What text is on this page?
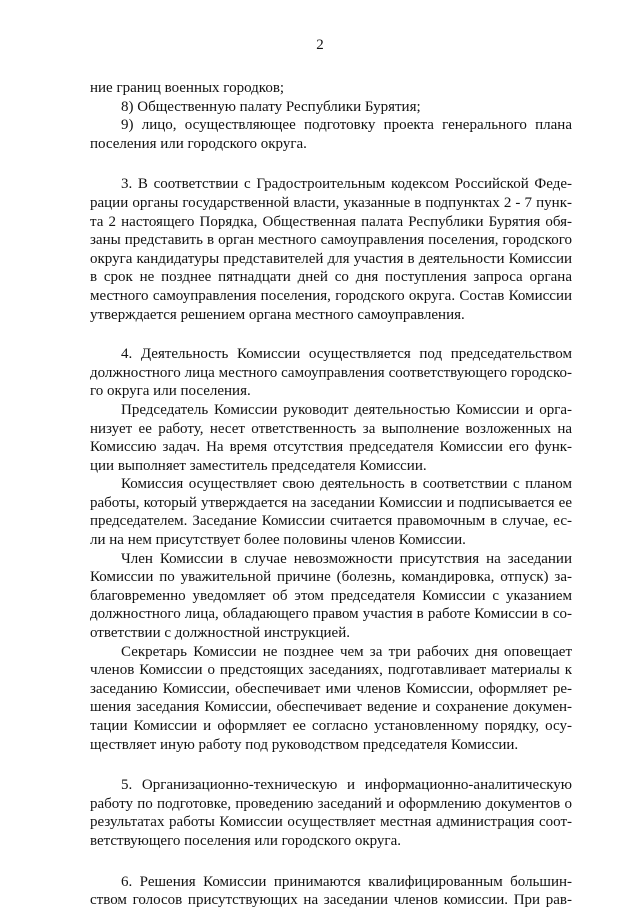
2
ние границ военных городков;
8) Общественную палату Республики Бурятия;
9) лицо, осуществляющее подготовку проекта генерального плана
поселения или городского округа.
3. В соответствии с Градостроительным кодексом Российской Феде-
рации органы государственной власти, указанные в подпунктах 2 - 7 пунк-
та 2 настоящего Порядка, Общественная палата Республики Бурятия обя-
заны представить в орган местного самоуправления поселения, городского
округа кандидатуры представителей для участия в деятельности Комиссии
в срок не позднее пятнадцати дней со дня поступления запроса органа
местного самоуправления поселения, городского округа. Состав Комиссии
утверждается решением органа местного самоуправления.
4. Деятельность Комиссии осуществляется под председательством
должностного лица местного самоуправления соответствующего городско-
го округа или поселения.
Председатель Комиссии руководит деятельностью Комиссии и орга-
низует ее работу, несет ответственность за выполнение возложенных на
Комиссию задач. На время отсутствия председателя Комиссии его функ-
ции выполняет заместитель председателя Комиссии.
Комиссия осуществляет свою деятельность в соответствии с планом
работы, который утверждается на заседании Комиссии и подписывается ее
председателем. Заседание Комиссии считается правомочным в случае, ес-
ли на нем присутствует более половины членов Комиссии.
Член Комиссии в случае невозможности присутствия на заседании
Комиссии по уважительной причине (болезнь, командировка, отпуск) за-
благовременно уведомляет об этом председателя Комиссии с указанием
должностного лица, обладающего правом участия в работе Комиссии в со-
ответствии с должностной инструкцией.
Секретарь Комиссии не позднее чем за три рабочих дня оповещает
членов Комиссии о предстоящих заседаниях, подготавливает материалы к
заседанию Комиссии, обеспечивает ими членов Комиссии, оформляет ре-
шения заседания Комиссии, обеспечивает ведение и сохранение докумен-
тации Комиссии и оформляет ее согласно установленному порядку, осу-
ществляет иную работу под руководством председателя Комиссии.
5. Организационно-техническую и информационно-аналитическую
работу по подготовке, проведению заседаний и оформлению документов о
результатах работы Комиссии осуществляет местная администрация соот-
ветствующего поселения или городского округа.
6. Решения Комиссии принимаются квалифицированным большин-
ством голосов присутствующих на заседании членов комиссии. При рав-
